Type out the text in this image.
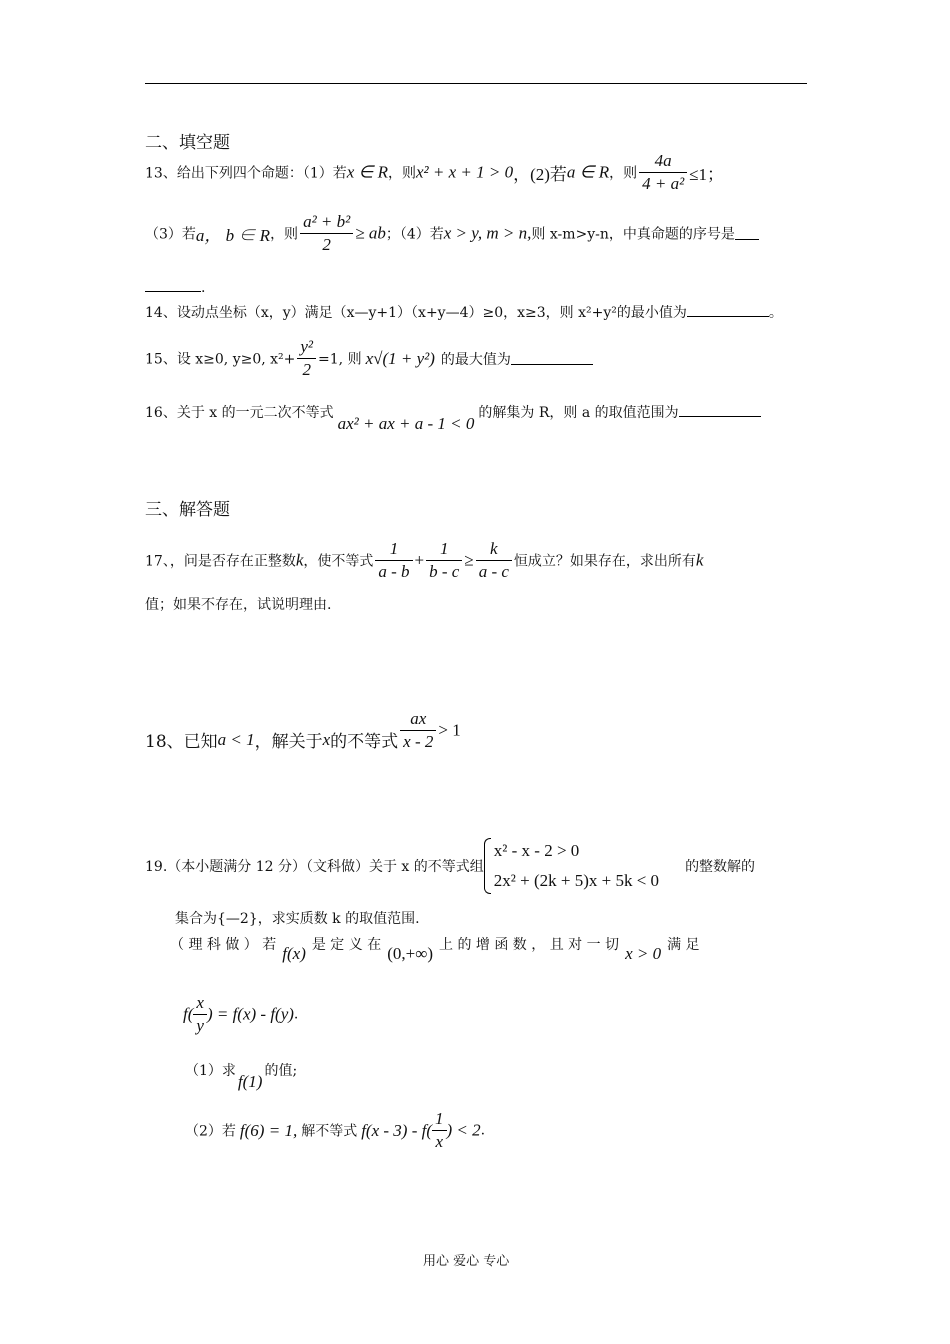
二、填空题
13、给出下列四个命题：（1）若x ∈ R，则x² + x + 1 > 0，(2)若a ∈ R，则 $\frac{4a}{\text{4 + a²}} \le 1$；
（3）若a， b ∈ R，则 $\frac{\text{a² + b²}}{2}$ ≥ ab；（4）若x > y, m > n,则 x-m>y-n，中真命题的序号是
.
14、设动点坐标（x，y）满足（x—y+1）（x+y—4）≥0，x≥3，则 x²+y²的最小值为	。
15、设 x≥0, y≥0, $x^2+ \frac{\text{y²}}{2} =1$, 则 x√(1 + y²) 的最大值为
16、关于 x 的一元二次不等式ax² + ax + a - 1 < 0的解集为 R，则 a 的取值范围为
三、解答题
17、，问是否存在正整数k，使不等式 $\frac{1}{a - b} + \frac{1}{b - c} \ge \frac{k}{a - c}$ 恒成立？如果存在，求出所有k
值；如果不存在，试说明理由.
18、已知a < 1，解关于x的不等式 $\frac{ax}{x - 2} > 1$
19.（本小题满分 12 分）（文科做）关于 x 的不等式组
x² - x - 2 > 0
2x² + (2k + 5)x + 5k < 0
的整数解的
集合为{—2}，求实质数 k 的取值范围.
（ 理 科 做 ） 若 f(x) 是 定 义 在 (0,+∞) 上 的 增 函 数 ， 且 对 一 切 x > 0 满 足
$f( \frac{x}{y}$ ) = f(x) - f(y).
（1）求f(1)的值;
（2）若 f(6) = 1, 解不等式 $f(x - 3) - f( \frac{1}{x}$ ) < 2.
用心 爱心 专心
